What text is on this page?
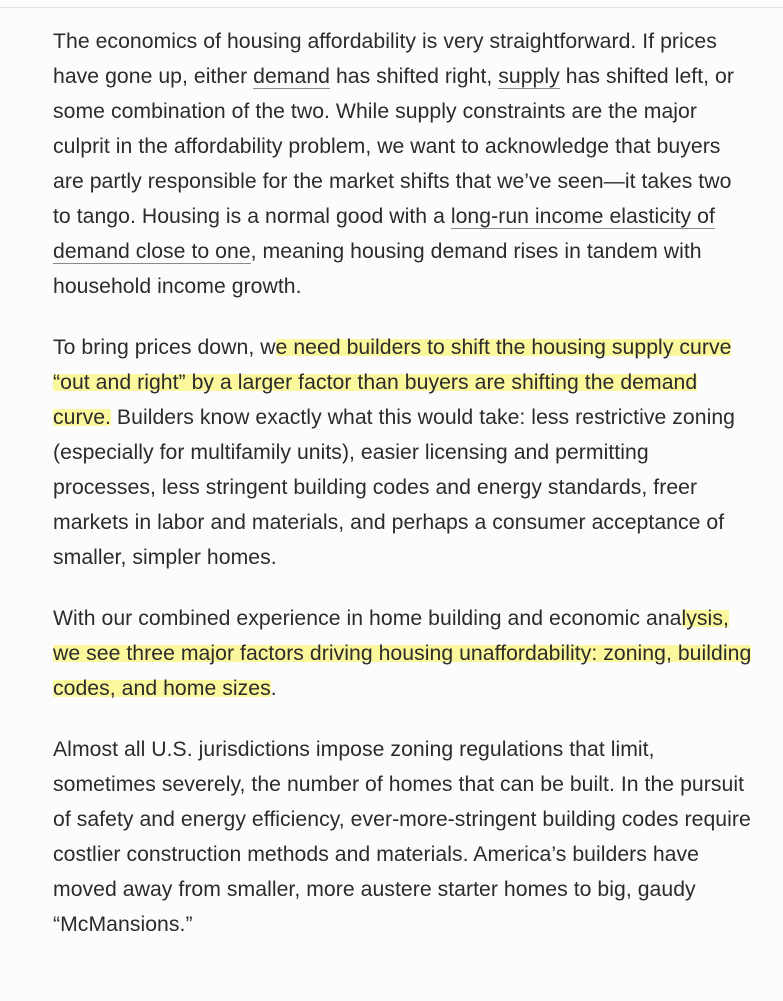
The economics of housing affordability is very straightforward. If prices have gone up, either demand has shifted right, supply has shifted left, or some combination of the two. While supply constraints are the major culprit in the affordability problem, we want to acknowledge that buyers are partly responsible for the market shifts that we’ve seen—it takes two to tango. Housing is a normal good with a long-run income elasticity of demand close to one, meaning housing demand rises in tandem with household income growth.

To bring prices down, we need builders to shift the housing supply curve “out and right” by a larger factor than buyers are shifting the demand curve. Builders know exactly what this would take: less restrictive zoning (especially for multifamily units), easier licensing and permitting processes, less stringent building codes and energy standards, freer markets in labor and materials, and perhaps a consumer acceptance of smaller, simpler homes.

With our combined experience in home building and economic analysis, we see three major factors driving housing unaffordability: zoning, building codes, and home sizes.

Almost all U.S. jurisdictions impose zoning regulations that limit, sometimes severely, the number of homes that can be built. In the pursuit of safety and energy efficiency, ever-more-stringent building codes require costlier construction methods and materials. America’s builders have moved away from smaller, more austere starter homes to big, gaudy “McMansions.”
